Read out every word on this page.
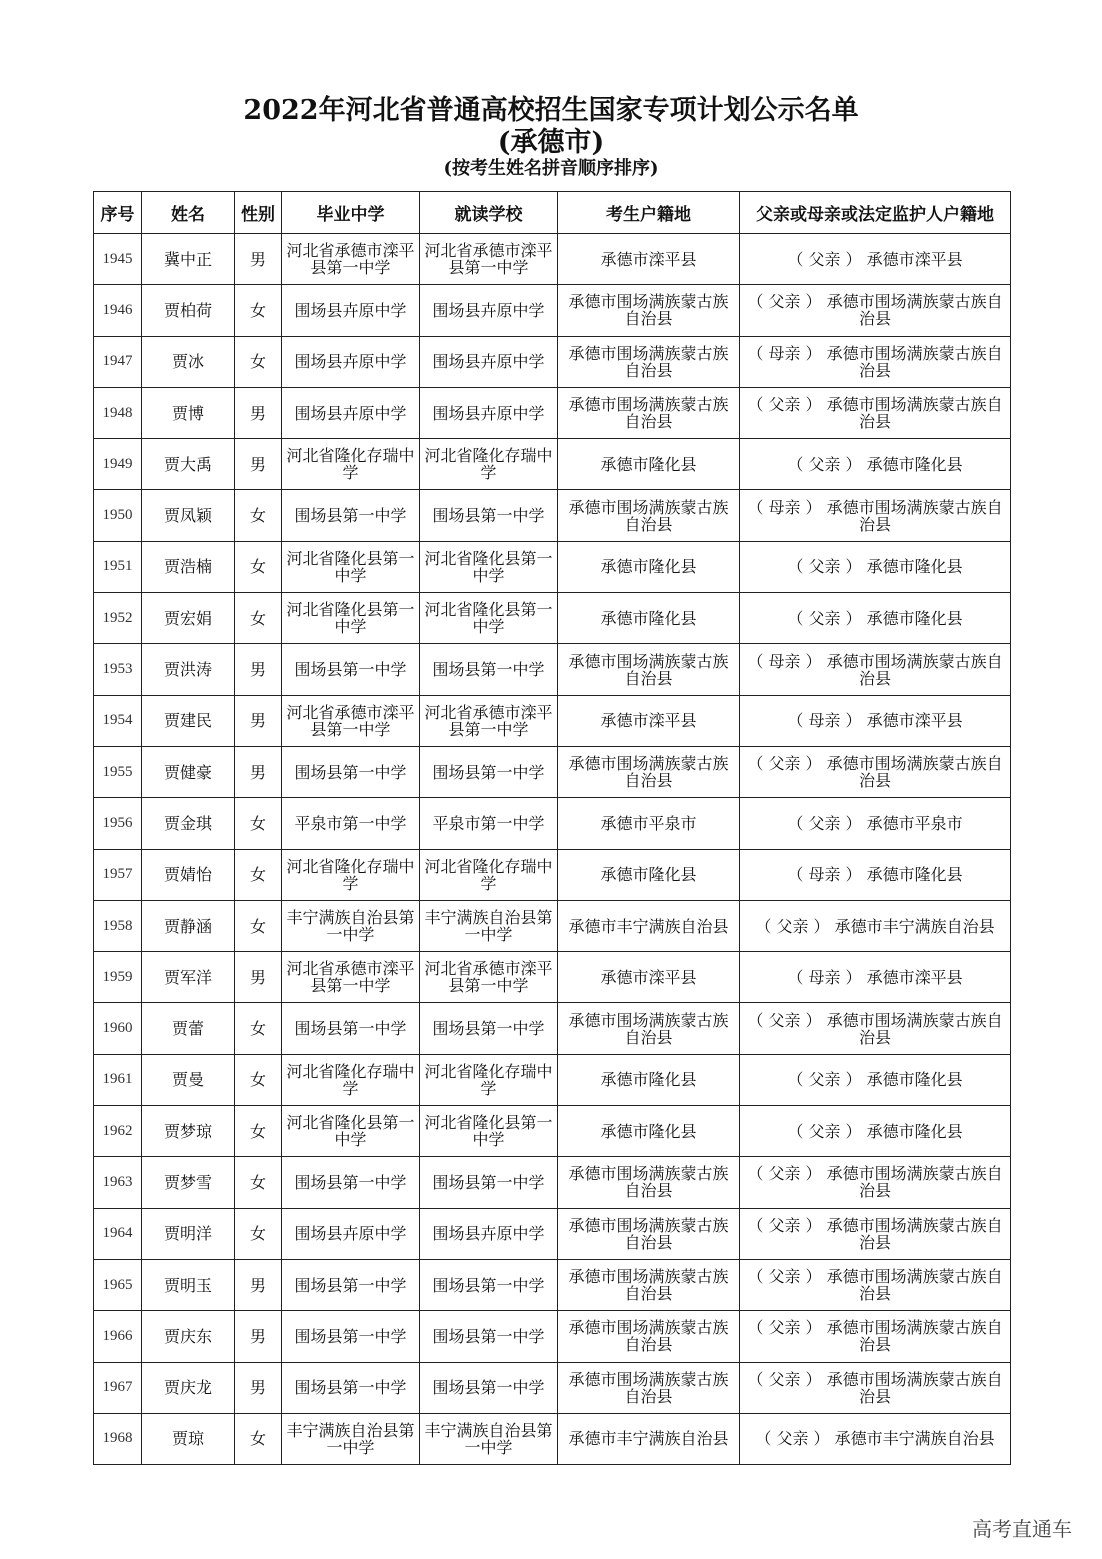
2022年河北省普通高校招生国家专项计划公示名单
(承德市)
(按考生姓名拼音顺序排序)
序号	姓名	性别	毕业中学	就读学校	考生户籍地	父亲或母亲或法定监护人户籍地
1945	冀中正	男	河北省承德市滦平县第一中学	河北省承德市滦平县第一中学	承德市滦平县	（ 父亲 ） 承德市滦平县
1946	贾柏荷	女	围场县卉原中学	围场县卉原中学	承德市围场满族蒙古族自治县	（ 父亲 ） 承德市围场满族蒙古族自治县
1947	贾冰	女	围场县卉原中学	围场县卉原中学	承德市围场满族蒙古族自治县	（ 母亲 ） 承德市围场满族蒙古族自治县
1948	贾博	男	围场县卉原中学	围场县卉原中学	承德市围场满族蒙古族自治县	（ 父亲 ） 承德市围场满族蒙古族自治县
1949	贾大禹	男	河北省隆化存瑞中学	河北省隆化存瑞中学	承德市隆化县	（ 父亲 ） 承德市隆化县
1950	贾凤颖	女	围场县第一中学	围场县第一中学	承德市围场满族蒙古族自治县	（ 母亲 ） 承德市围场满族蒙古族自治县
1951	贾浩楠	女	河北省隆化县第一中学	河北省隆化县第一中学	承德市隆化县	（ 父亲 ） 承德市隆化县
1952	贾宏娟	女	河北省隆化县第一中学	河北省隆化县第一中学	承德市隆化县	（ 父亲 ） 承德市隆化县
1953	贾洪涛	男	围场县第一中学	围场县第一中学	承德市围场满族蒙古族自治县	（ 母亲 ） 承德市围场满族蒙古族自治县
1954	贾建民	男	河北省承德市滦平县第一中学	河北省承德市滦平县第一中学	承德市滦平县	（ 母亲 ） 承德市滦平县
1955	贾健豪	男	围场县第一中学	围场县第一中学	承德市围场满族蒙古族自治县	（ 父亲 ） 承德市围场满族蒙古族自治县
1956	贾金琪	女	平泉市第一中学	平泉市第一中学	承德市平泉市	（ 父亲 ） 承德市平泉市
1957	贾婧怡	女	河北省隆化存瑞中学	河北省隆化存瑞中学	承德市隆化县	（ 母亲 ） 承德市隆化县
1958	贾静涵	女	丰宁满族自治县第一中学	丰宁满族自治县第一中学	承德市丰宁满族自治县	（ 父亲 ） 承德市丰宁满族自治县
1959	贾军洋	男	河北省承德市滦平县第一中学	河北省承德市滦平县第一中学	承德市滦平县	（ 母亲 ） 承德市滦平县
1960	贾蕾	女	围场县第一中学	围场县第一中学	承德市围场满族蒙古族自治县	（ 父亲 ） 承德市围场满族蒙古族自治县
1961	贾曼	女	河北省隆化存瑞中学	河北省隆化存瑞中学	承德市隆化县	（ 父亲 ） 承德市隆化县
1962	贾梦琼	女	河北省隆化县第一中学	河北省隆化县第一中学	承德市隆化县	（ 父亲 ） 承德市隆化县
1963	贾梦雪	女	围场县第一中学	围场县第一中学	承德市围场满族蒙古族自治县	（ 父亲 ） 承德市围场满族蒙古族自治县
1964	贾明洋	女	围场县卉原中学	围场县卉原中学	承德市围场满族蒙古族自治县	（ 父亲 ） 承德市围场满族蒙古族自治县
1965	贾明玉	男	围场县第一中学	围场县第一中学	承德市围场满族蒙古族自治县	（ 父亲 ） 承德市围场满族蒙古族自治县
1966	贾庆东	男	围场县第一中学	围场县第一中学	承德市围场满族蒙古族自治县	（ 父亲 ） 承德市围场满族蒙古族自治县
1967	贾庆龙	男	围场县第一中学	围场县第一中学	承德市围场满族蒙古族自治县	（ 父亲 ） 承德市围场满族蒙古族自治县
1968	贾琼	女	丰宁满族自治县第一中学	丰宁满族自治县第一中学	承德市丰宁满族自治县	（ 父亲 ） 承德市丰宁满族自治县
高考直通车
